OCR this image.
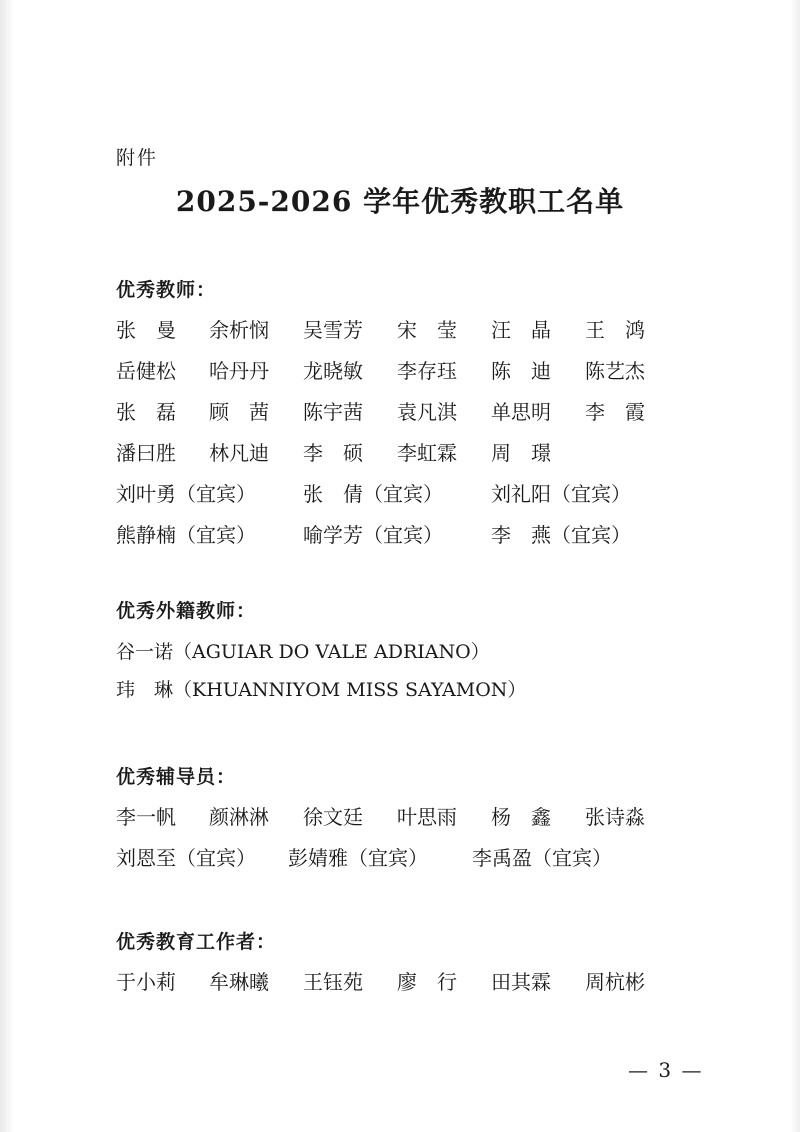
附件
2025-2026 学年优秀教职工名单
优秀教师：
张　曼 余析悯 吴雪芳 宋　莹 汪　晶 王　鸿
岳健松 哈丹丹 龙晓敏 李存珏 陈　迪 陈艺杰
张　磊 顾　茜 陈宇茜 袁凡淇 单思明 李　霞
潘曰胜 林凡迪 李　硕 李虹霖 周　璟
刘叶勇（宜宾） 张　倩（宜宾） 刘礼阳（宜宾）
熊静楠（宜宾） 喻学芳（宜宾） 李　燕（宜宾）
优秀外籍教师：
谷一诺（AGUIAR DO VALE ADRIANO）
玮　琳（KHUANNIYOM MISS SAYAMON）
优秀辅导员：
李一帆 颜淋淋 徐文廷 叶思雨 杨　鑫 张诗淼
刘恩至（宜宾） 彭婧雅（宜宾） 李禹盈（宜宾）
优秀教育工作者：
于小莉 牟琳曦 王钰苑 廖　行 田其霖 周杭彬
— 3 —
